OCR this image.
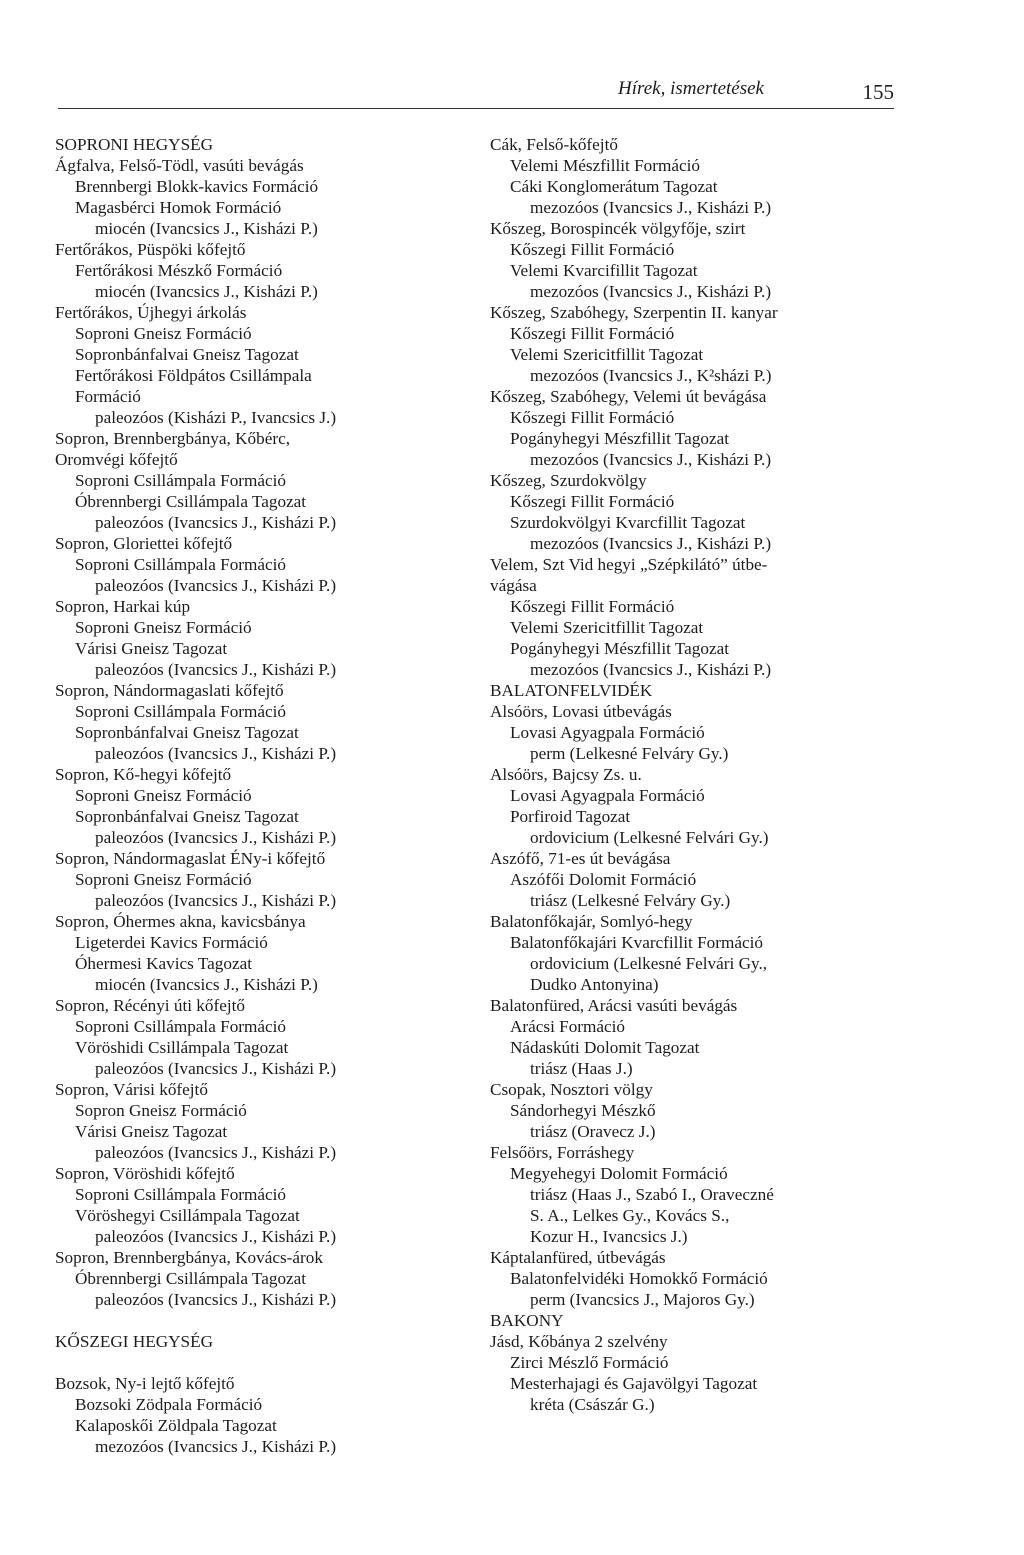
Hírek, ismertetések	155
SOPRONI HEGYSÉG
Ágfalva, Felső-Tödl, vasúti bevágás
Brennbergi Blokk-kavics Formáció
Magasbérci Homok Formáció
miocén (Ivancsics J., Kisházi P.)
Fertőrákos, Püspöki kőfejtő
Fertőrákosi Mészkő Formáció
miocén (Ivancsics J., Kisházi P.)
Fertőrákos, Újhegyi árkolás
Soproni Gneisz Formáció
Sopronbánfalvai Gneisz Tagozat
Fertőrákosi Földpátos Csillámpala
Formáció
paleozóos (Kisházi P., Ivancsics J.)
Sopron, Brennbergbánya, Kőbérc,
Oromvégi kőfejtő
Soproni Csillámpala Formáció
Óbrennbergi Csillámpala Tagozat
paleozóos (Ivancsics J., Kisházi P.)
Sopron, Gloriettei kőfejtő
Soproni Csillámpala Formáció
paleozóos (Ivancsics J., Kisházi P.)
Sopron, Harkai kúp
Soproni Gneisz Formáció
Várisi Gneisz Tagozat
paleozóos (Ivancsics J., Kisházi P.)
Sopron, Nándormagaslati kőfejtő
Soproni Csillámpala Formáció
Sopronbánfalvai Gneisz Tagozat
paleozóos (Ivancsics J., Kisházi P.)
Sopron, Kő-hegyi kőfejtő
Soproni Gneisz Formáció
Sopronbánfalvai Gneisz Tagozat
paleozóos (Ivancsics J., Kisházi P.)
Sopron, Nándormagaslat ÉNy-i kőfejtő
Soproni Gneisz Formáció
paleozóos (Ivancsics J., Kisházi P.)
Sopron, Óhermes akna, kavicsbánya
Ligeterdei Kavics Formáció
Óhermesi Kavics Tagozat
miocén (Ivancsics J., Kisházi P.)
Sopron, Récényi úti kőfejtő
Soproni Csillámpala Formáció
Vöröshidi Csillámpala Tagozat
paleozóos (Ivancsics J., Kisházi P.)
Sopron, Várisi kőfejtő
Sopron Gneisz Formáció
Várisi Gneisz Tagozat
paleozóos (Ivancsics J., Kisházi P.)
Sopron, Vöröshidi kőfejtő
Soproni Csillámpala Formáció
Vöröshegyi Csillámpala Tagozat
paleozóos (Ivancsics J., Kisházi P.)
Sopron, Brennbergbánya, Kovács-árok
Óbrennbergi Csillámpala Tagozat
paleozóos (Ivancsics J., Kisházi P.)
KŐSZEGI HEGYSÉG
Bozsok, Ny-i lejtő kőfejtő
Bozsoki Zödpala Formáció
Kalaposkői Zöldpala Tagozat
mezozóos (Ivancsics J., Kisházi P.)
Cák, Felső-kőfejtő
Velemi Mészfillit Formáció
Cáki Konglomerátum Tagozat
mezozóos (Ivancsics J., Kisházi P.)
Kőszeg, Borospincék völgyfője, szirt
Kőszegi Fillit Formáció
Velemi Kvarcifillit Tagozat
mezozóos (Ivancsics J., Kisházi P.)
Kőszeg, Szabóhegy, Szerpentin II. kanyar
Kőszegi Fillit Formáció
Velemi Szericitfillit Tagozat
mezozóos (Ivancsics J., K²sházi P.)
Kőszeg, Szabóhegy, Velemi út bevágása
Kőszegi Fillit Formáció
Pogányhegyi Mészfillit Tagozat
mezozóos (Ivancsics J., Kisházi P.)
Kőszeg, Szurdokvölgy
Kőszegi Fillit Formáció
Szurdokvölgyi Kvarcfillit Tagozat
mezozóos (Ivancsics J., Kisházi P.)
Velem, Szt Vid hegyi „Szépkilátó” útbe-
vágása
Kőszegi Fillit Formáció
Velemi Szericitfillit Tagozat
Pogányhegyi Mészfillit Tagozat
mezozóos (Ivancsics J., Kisházi P.)
BALATONFELVIDÉK
Alsóörs, Lovasi útbevágás
Lovasi Agyagpala Formáció
perm (Lelkesné Felváry Gy.)
Alsóörs, Bajcsy Zs. u.
Lovasi Agyagpala Formáció
Porfiroid Tagozat
ordovicium (Lelkesné Felvári Gy.)
Aszófő, 71-es út bevágása
Aszófői Dolomit Formáció
triász (Lelkesné Felváry Gy.)
Balatonfőkajár, Somlyó-hegy
Balatonfőkajári Kvarcfillit Formáció
ordovicium (Lelkesné Felvári Gy.,
Dudko Antonyina)
Balatonfüred, Arácsi vasúti bevágás
Arácsi Formáció
Nádaskúti Dolomit Tagozat
triász (Haas J.)
Csopak, Nosztori völgy
Sándorhegyi Mészkő
triász (Oravecz J.)
Felsőörs, Forráshegy
Megyehegyi Dolomit Formáció
triász (Haas J., Szabó I., Oraveczné
S. A., Lelkes Gy., Kovács S.,
Kozur H., Ivancsics J.)
Káptalanfüred, útbevágás
Balatonfelvidéki Homokkő Formáció
perm (Ivancsics J., Majoros Gy.)
BAKONY
Jásd, Kőbánya 2 szelvény
Zirci Mészlő Formáció
Mesterhajagi és Gajavölgyi Tagozat
kréta (Császár G.)
